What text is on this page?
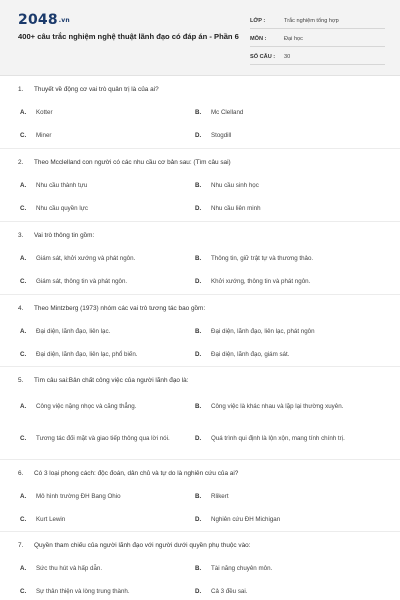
2048.vn
400+ câu trắc nghiệm nghệ thuật lãnh đạo có đáp án - Phần 6
LỚP :	Trắc nghiệm tổng hợp
MÔN :	Đại học
SỐ CÂU :	30
1.	Thuyết về động cơ vai trò quản trị là của ai?
A.	Kotter	B.	Mc Clelland
C.	Miner	D.	Stogdill
2.	Theo Mcclelland con người có các nhu cầu cơ bản sau: (Tìm câu sai)
A.	Nhu cầu thành tựu	B.	Nhu cầu sinh học
C.	Nhu cầu quyền lực	D.	Nhu cầu liên minh
3.	Vai trò thông tin gồm:
A.	Giám sát, khởi xướng và phát ngôn.	B.	Thông tin, giữ trật tự và thương thảo.
C.	Giám sát, thông tin và phát ngôn.	D.	Khởi xướng, thông tin và phát ngôn.
4.	Theo Mintzberg (1973) nhóm các vai trò tương tác bao gồm:
A.	Đại diện, lãnh đạo, liên lạc.	B.	Đại diện, lãnh đạo, liên lạc, phát ngôn
C.	Đại diện, lãnh đạo, liên lạc, phổ biến.	D.	Đại diện, lãnh đạo, giám sát.
5.	Tìm câu sai:Bản chất công việc của người lãnh đạo là:
A.	Công việc nặng nhọc và căng thẳng.	B.	Công việc là khác nhau và lặp lại thường xuyên.
C.	Tương tác đối mặt và giao tiếp thông qua lời nói.	D.	Quá trình qui định là lộn xộn, mang tính chính trị.
6.	Có 3 loại phong cách: độc đoán, dân chủ và tự do là nghiên cứu của ai?
A.	Mô hình trường ĐH Bang Ohio	B.	Rlikert
C.	Kurt Lewin	D.	Nghiên cứu ĐH Michigan
7.	Quyền tham chiếu của người lãnh đạo với người dưới quyền phụ thuộc vào:
A.	Sức thu hút và hấp dẫn.	B.	Tài năng chuyên môn.
C.	Sự thân thiện và lòng trung thành.	D.	Cả 3 đều sai.
